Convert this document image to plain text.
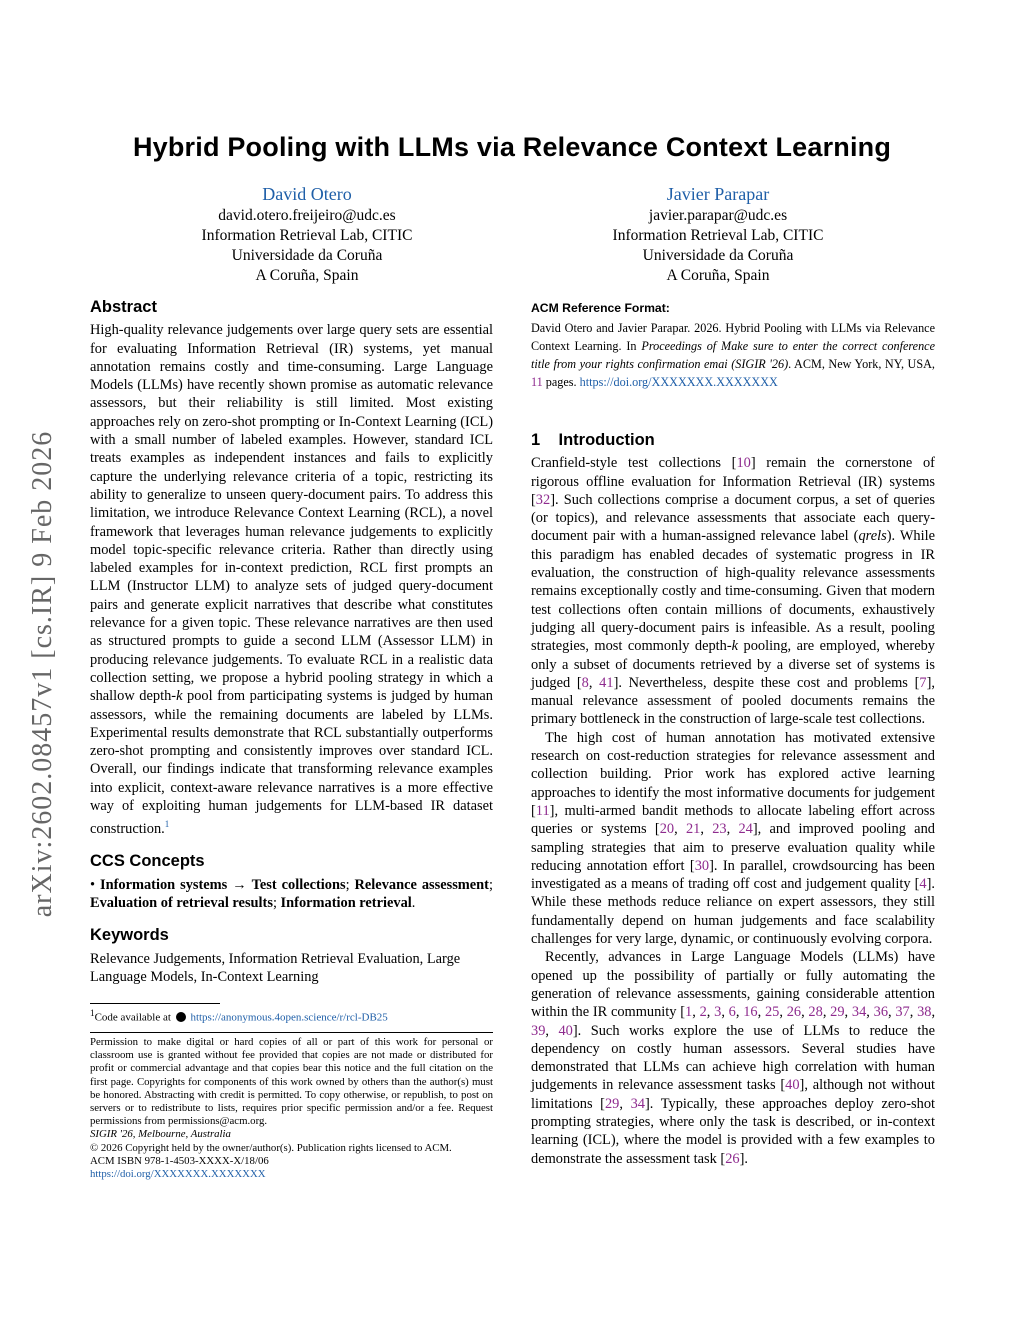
arXiv:2602.08457v1 [cs.IR] 9 Feb 2026
Hybrid Pooling with LLMs via Relevance Context Learning
David Otero
david.otero.freijeiro@udc.es
Information Retrieval Lab, CITIC
Universidade da Coruña
A Coruña, Spain
Javier Parapar
javier.parapar@udc.es
Information Retrieval Lab, CITIC
Universidade da Coruña
A Coruña, Spain
Abstract

High-quality relevance judgements over large query sets are essential for evaluating Information Retrieval (IR) systems, yet manual annotation remains costly and time-consuming. Large Language Models (LLMs) have recently shown promise as automatic relevance assessors, but their reliability is still limited. Most existing approaches rely on zero-shot prompting or In-Context Learning (ICL) with a small number of labeled examples. However, standard ICL treats examples as independent instances and fails to explicitly capture the underlying relevance criteria of a topic, restricting its ability to generalize to unseen query-document pairs. To address this limitation, we introduce Relevance Context Learning (RCL), a novel framework that leverages human relevance judgements to explicitly model topic-specific relevance criteria. Rather than directly using labeled examples for in-context prediction, RCL first prompts an LLM (Instructor LLM) to analyze sets of judged query-document pairs and generate explicit narratives that describe what constitutes relevance for a given topic. These relevance narratives are then used as structured prompts to guide a second LLM (Assessor LLM) in producing relevance judgements. To evaluate RCL in a realistic data collection setting, we propose a hybrid pooling strategy in which a shallow depth-k pool from participating systems is judged by human assessors, while the remaining documents are labeled by LLMs. Experimental results demonstrate that RCL substantially outperforms zero-shot prompting and consistently improves over standard ICL. Overall, our findings indicate that transforming relevance examples into explicit, context-aware relevance narratives is a more effective way of exploiting human judgements for LLM-based IR dataset construction.$^1$

CCS Concepts

• Information systems → Test collections; Relevance assessment; Evaluation of retrieval results; Information retrieval.

Keywords

Relevance Judgements, Information Retrieval Evaluation, Large Language Models, In-Context Learning

$^1$Code available at  https://anonymous.4open.science/r/rcl-DB25

Permission to make digital or hard copies of all or part of this work for personal or classroom use is granted without fee provided that copies are not made or distributed for profit or commercial advantage and that copies bear this notice and the full citation on the first page. Copyrights for components of this work owned by others than the author(s) must be honored. Abstracting with credit is permitted. To copy otherwise, or republish, to post on servers or to redistribute to lists, requires prior specific permission and/or a fee. Request permissions from permissions@acm.org.

SIGIR '26, Melbourne, Australia

© 2026 Copyright held by the owner/author(s). Publication rights licensed to ACM.

ACM ISBN 978-1-4503-XXXX-X/18/06

https://doi.org/XXXXXXX.XXXXXXX

ACM Reference Format:

David Otero and Javier Parapar. 2026. Hybrid Pooling with LLMs via Relevance Context Learning. In Proceedings of Make sure to enter the correct conference title from your rights confirmation emai (SIGIR '26). ACM, New York, NY, USA, 11 pages. https://doi.org/XXXXXXX.XXXXXXX

1    Introduction

Cranfield-style test collections [10] remain the cornerstone of rigorous offline evaluation for Information Retrieval (IR) systems [32]. Such collections comprise a document corpus, a set of queries (or topics), and relevance assessments that associate each query-document pair with a human-assigned relevance label (qrels). While this paradigm has enabled decades of systematic progress in IR evaluation, the construction of high-quality relevance assessments remains exceptionally costly and time-consuming. Given that modern test collections often contain millions of documents, exhaustively judging all query-document pairs is infeasible. As a result, pooling strategies, most commonly depth-k pooling, are employed, whereby only a subset of documents retrieved by a diverse set of systems is judged [8, 41]. Nevertheless, despite these cost and problems [7], manual relevance assessment of pooled documents remains the primary bottleneck in the construction of large-scale test collections.

The high cost of human annotation has motivated extensive research on cost-reduction strategies for relevance assessment and collection building. Prior work has explored active learning approaches to identify the most informative documents for judgement [11], multi-armed bandit methods to allocate labeling effort across queries or systems [20, 21, 23, 24], and improved pooling and sampling strategies that aim to preserve evaluation quality while reducing annotation effort [30]. In parallel, crowdsourcing has been investigated as a means of trading off cost and judgement quality [4]. While these methods reduce reliance on expert assessors, they still fundamentally depend on human judgements and face scalability challenges for very large, dynamic, or continuously evolving corpora.

Recently, advances in Large Language Models (LLMs) have opened up the possibility of partially or fully automating the generation of relevance assessments, gaining considerable attention within the IR community [1, 2, 3, 6, 16, 25, 26, 28, 29, 34, 36, 37, 38, 39, 40]. Such works explore the use of LLMs to reduce the dependency on costly human assessors. Several studies have demonstrated that LLMs can achieve high correlation with human judgements in relevance assessment tasks [40], although not without limitations [29, 34]. Typically, these approaches deploy zero-shot prompting strategies, where only the task is described, or in-context learning (ICL), where the model is provided with a few examples to demonstrate the assessment task [26].
